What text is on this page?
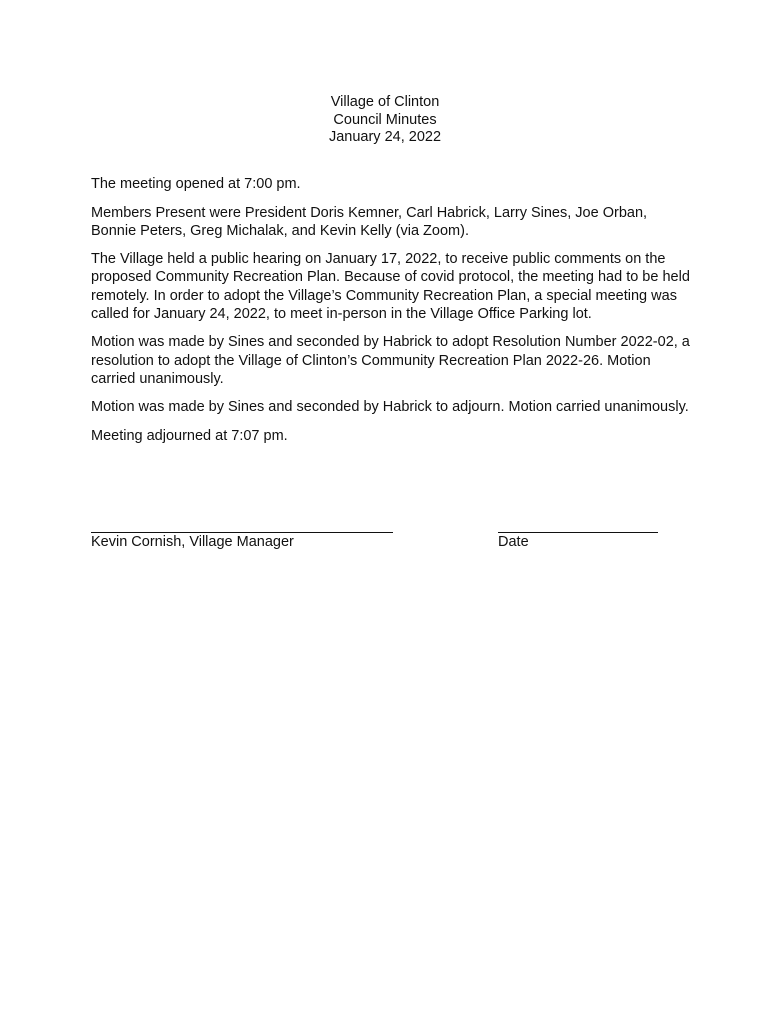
Village of Clinton
Council Minutes
January 24, 2022

The meeting opened at 7:00 pm.

Members Present were President Doris Kemner, Carl Habrick, Larry Sines, Joe Orban, Bonnie Peters, Greg Michalak, and Kevin Kelly (via Zoom).

The Village held a public hearing on January 17, 2022, to receive public comments on the proposed Community Recreation Plan. Because of covid protocol, the meeting had to be held remotely. In order to adopt the Village’s Community Recreation Plan, a special meeting was called for January 24, 2022, to meet in-person in the Village Office Parking lot.

Motion was made by Sines and seconded by Habrick to adopt Resolution Number 2022-02, a resolution to adopt the Village of Clinton’s Community Recreation Plan 2022-26. Motion carried unanimously.

Motion was made by Sines and seconded by Habrick to adjourn. Motion carried unanimously.

Meeting adjourned at 7:07 pm.

Kevin Cornish, Village Manager	Date
